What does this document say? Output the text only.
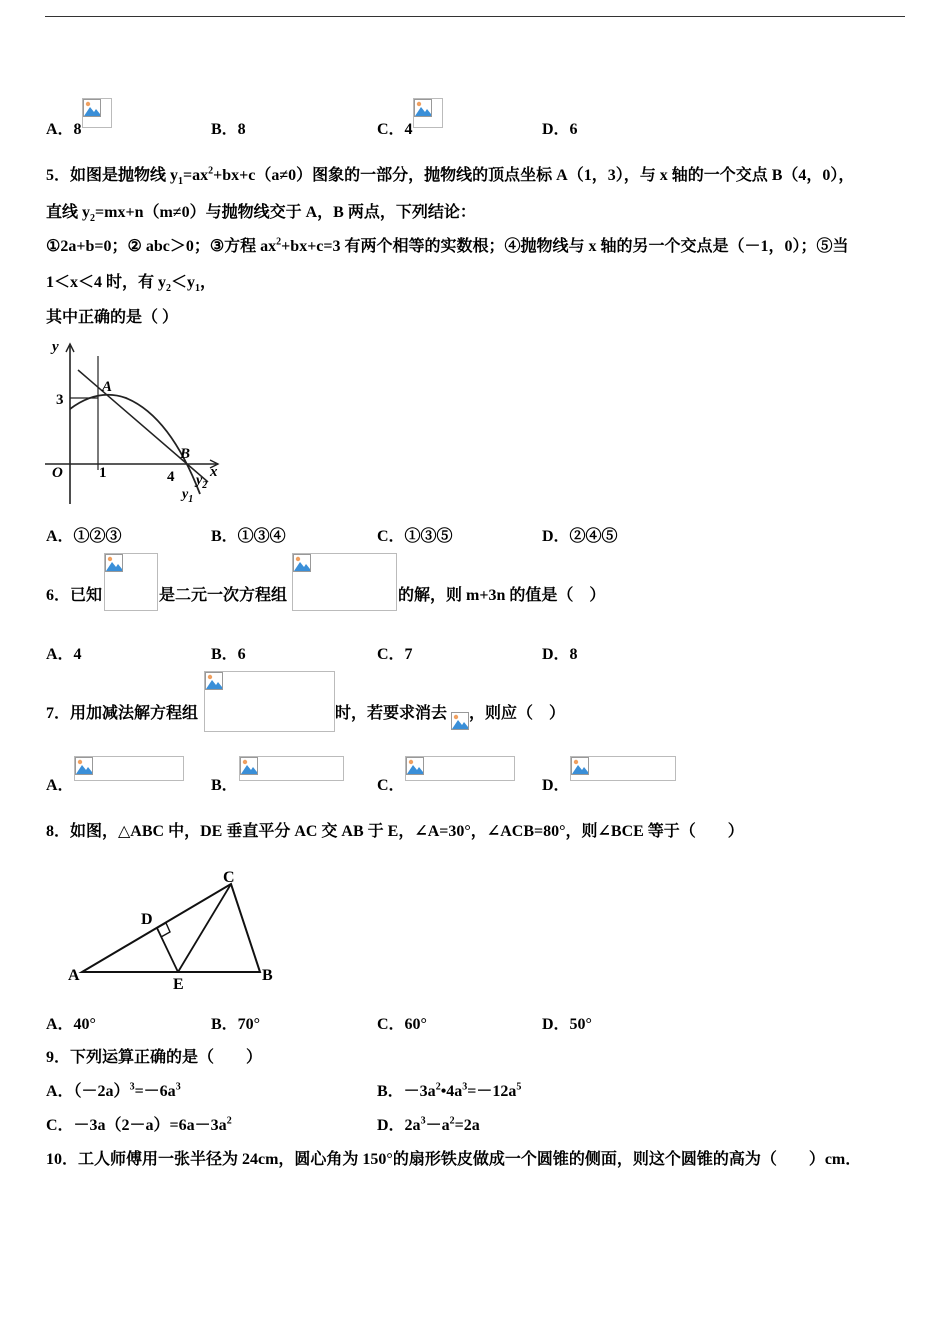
A．8	B．8	C．4	D．6
5．如图是抛物线 $y_1=ax^2+bx+c(a\ne 0)$图象的一部分，抛物线的顶点坐标 A（1，3），与 x 轴的一个交点 B（4，0），
直线 $y_2=mx+n(m\ne 0)$与抛物线交于 A，B 两点，下列结论：
①2a+b=0；② abc＞0；③方程 $ax^2+bx+c=3$ 有两个相等的实数根；④抛物线与 x 轴的另一个交点是（－1，0）；⑤当
1＜x＜4 时，有 $y_2<y_1$，
其中正确的是（ ）
y
x
3
A
B
O 1	4 $y_2$
$y_1$
A．①②③	B．①③④	C．①③⑤	D．②④⑤
6．已知	是二元一次方程组	的解，则 m+3n 的值是（　）
A．4	B．6	C．7	D．8
7．用加减法解方程组	时，若要求消去 ，则应（　）
A．	B．	C．	D．
8．如图，△ABC 中，DE 垂直平分 AC 交 AB 于 E，∠A=30°，∠ACB=80°，则∠BCE 等于（　　）
A	B
C
D
E
A．40°	B．70°	C．60°	D．50°
9．下列运算正确的是（　　）
A．$(-2a)^3=-6a^3$	B．$-3a^2•4a^3=-12a^5$
C．$-3a(2-a)=6a-3a^2$	D．$2a^3-a^2=2a$
10．工人师傅用一张半径为 24cm，圆心角为 150°的扇形铁皮做成一个圆锥的侧面，则这个圆锥的高为（　　）cm．
